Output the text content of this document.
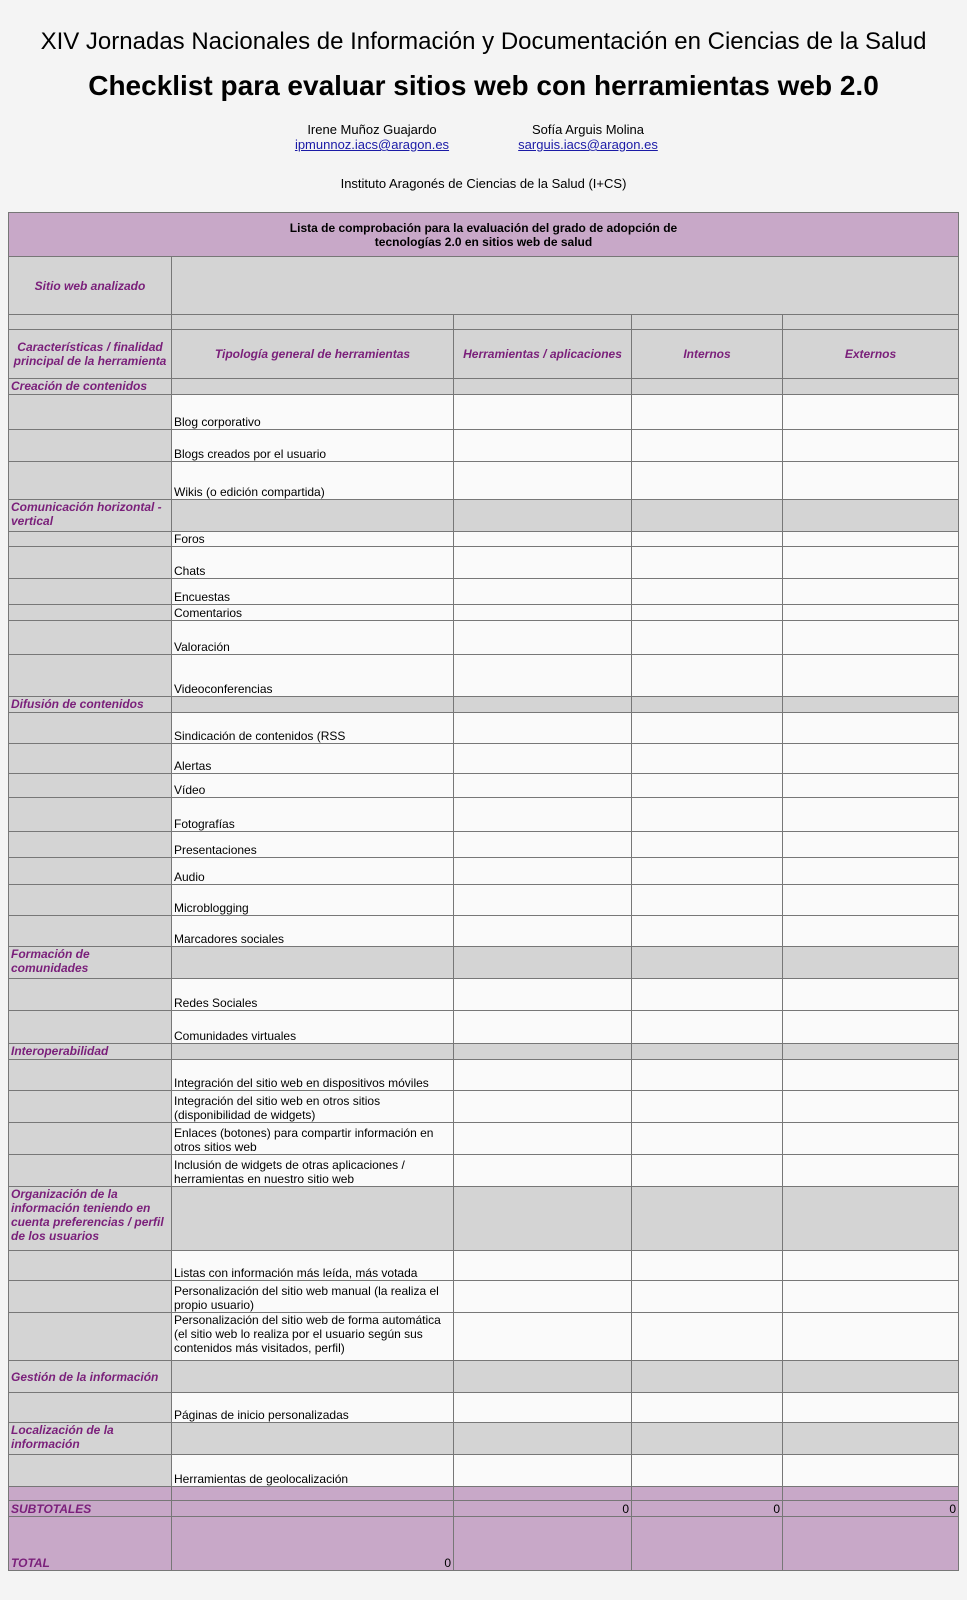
XIV Jornadas Nacionales de Información y Documentación en Ciencias de la Salud
Checklist para evaluar sitios web con herramientas web 2.0
Irene Muñoz Guajardo
ipmunnoz.iacs@aragon.es
Sofía Arguis Molina
sarguis.iacs@aragon.es
Instituto Aragonés de Ciencias de la Salud (I+CS)
Lista de comprobación para la evaluación del grado de adopción de
tecnologías 2.0 en sitios web de salud				
Sitio web analizado				

Características / finalidad principal de la herramienta	Tipología general de herramientas	Herramientas / aplicaciones	Internos	Externos
Creación de contenidos				
	Blog corporativo			
	Blogs creados por el usuario			
	Wikis (o edición compartida)			
Comunicación horizontal - vertical				
	Foros			
	Chats			
	Encuestas			
	Comentarios			
	Valoración			
	Videoconferencias			
Difusión de contenidos				
	Sindicación de contenidos (RSS			
	Alertas			
	Vídeo			
	Fotografías			
	Presentaciones			
	Audio			
	Microblogging			
	Marcadores sociales			
Formación de comunidades				
	Redes Sociales			
	Comunidades virtuales			
Interoperabilidad				
	Integración del sitio web en dispositivos móviles			
	Integración del sitio web en otros sitios (disponibilidad de widgets)			
	Enlaces (botones) para compartir información en otros sitios web			
	Inclusión de widgets de otras aplicaciones / herramientas en nuestro sitio web			
Organización de la información teniendo en cuenta preferencias / perfil de los usuarios				
	Listas con información más leída, más votada			
	Personalización del sitio web manual (la realiza el propio usuario)			
	Personalización del sitio web de forma automática (el sitio web lo realiza por el usuario según sus contenidos más visitados, perfil)			
Gestión de la información				
	Páginas de inicio personalizadas			
Localización de la información				
	Herramientas de geolocalización			

SUBTOTALES		0	0	0
TOTAL	0			
